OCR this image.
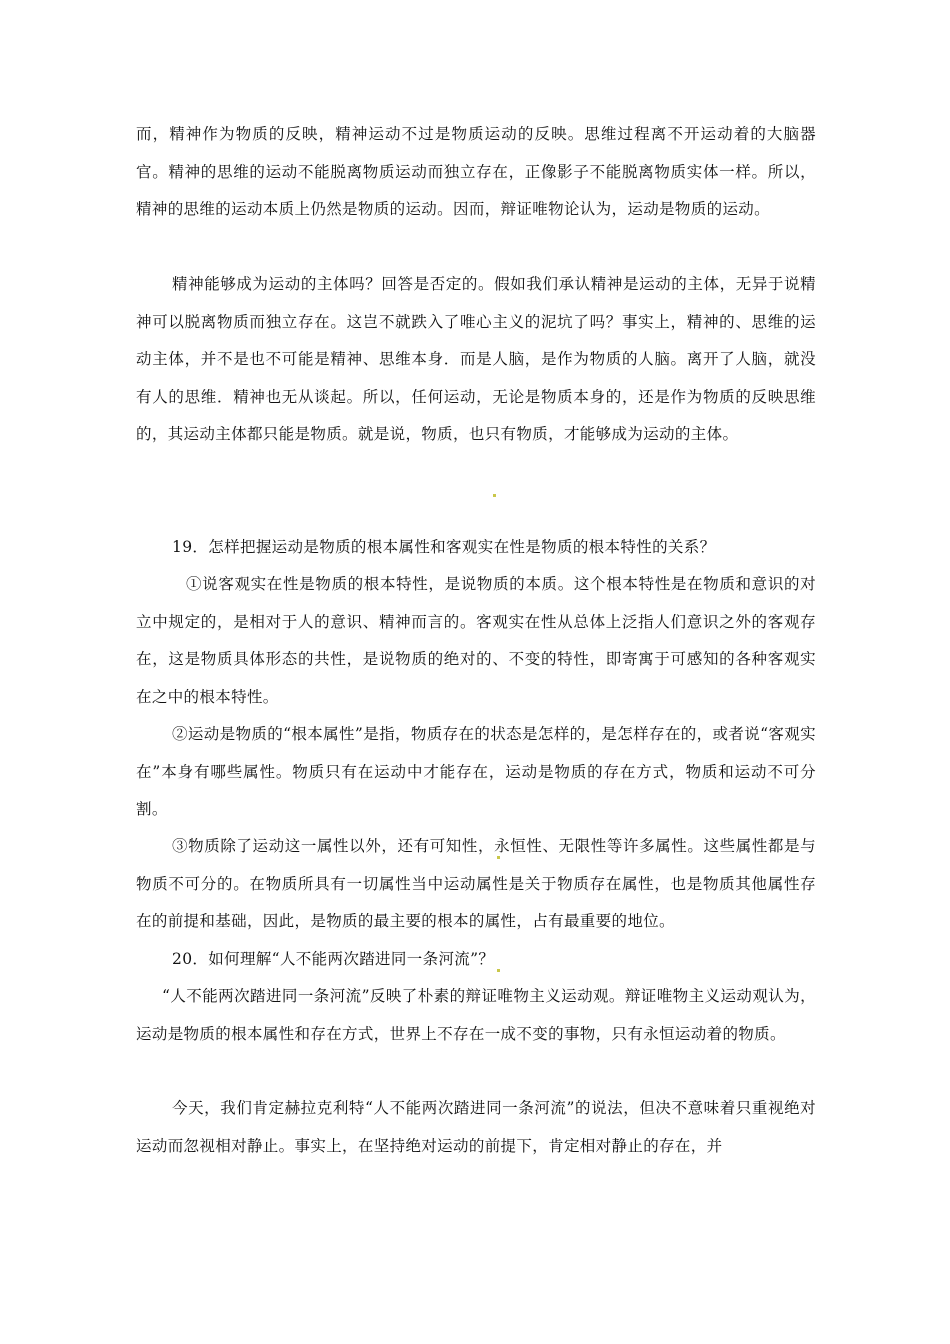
而，精神作为物质的反映，精神运动不过是物质运动的反映。思维过程离不开运动着的大脑器官。精神的思维的运动不能脱离物质运动而独立存在，正像影子不能脱离物质实体一样。所以，精神的思维的运动本质上仍然是物质的运动。因而，辩证唯物论认为，运动是物质的运动。

精神能够成为运动的主体吗？回答是否定的。假如我们承认精神是运动的主体，无异于说精神可以脱离物质而独立存在。这岂不就跌入了唯心主义的泥坑了吗？事实上，精神的、思维的运动主体，并不是也不可能是精神、思维本身．而是人脑，是作为物质的人脑。离开了人脑，就没有人的思维．精神也无从谈起。所以，任何运动，无论是物质本身的，还是作为物质的反映思维的，其运动主体都只能是物质。就是说，物质，也只有物质，才能够成为运动的主体。

19．怎样把握运动是物质的根本属性和客观实在性是物质的根本特性的关系？

①说客观实在性是物质的根本特性，是说物质的本质。这个根本特性是在物质和意识的对立中规定的，是相对于人的意识、精神而言的。客观实在性从总体上泛指人们意识之外的客观存在，这是物质具体形态的共性，是说物质的绝对的、不变的特性，即寄寓于可感知的各种客观实在之中的根本特性。

②运动是物质的“根本属性”是指，物质存在的状态是怎样的，是怎样存在的，或者说“客观实在”本身有哪些属性。物质只有在运动中才能存在，运动是物质的存在方式，物质和运动不可分割。

③物质除了运动这一属性以外，还有可知性，永恒性、无限性等许多属性。这些属性都是与物质不可分的。在物质所具有一切属性当中运动属性是关于物质存在属性，也是物质其他属性存在的前提和基础，因此，是物质的最主要的根本的属性，占有最重要的地位。

20．如何理解“人不能两次踏进同一条河流”？

“人不能两次踏进同一条河流”反映了朴素的辩证唯物主义运动观。辩证唯物主义运动观认为，运动是物质的根本属性和存在方式，世界上不存在一成不变的事物，只有永恒运动着的物质。

今天，我们肯定赫拉克利特“人不能两次踏进同一条河流”的说法，但决不意味着只重视绝对运动而忽视相对静止。事实上，在坚持绝对运动的前提下，肯定相对静止的存在，并
